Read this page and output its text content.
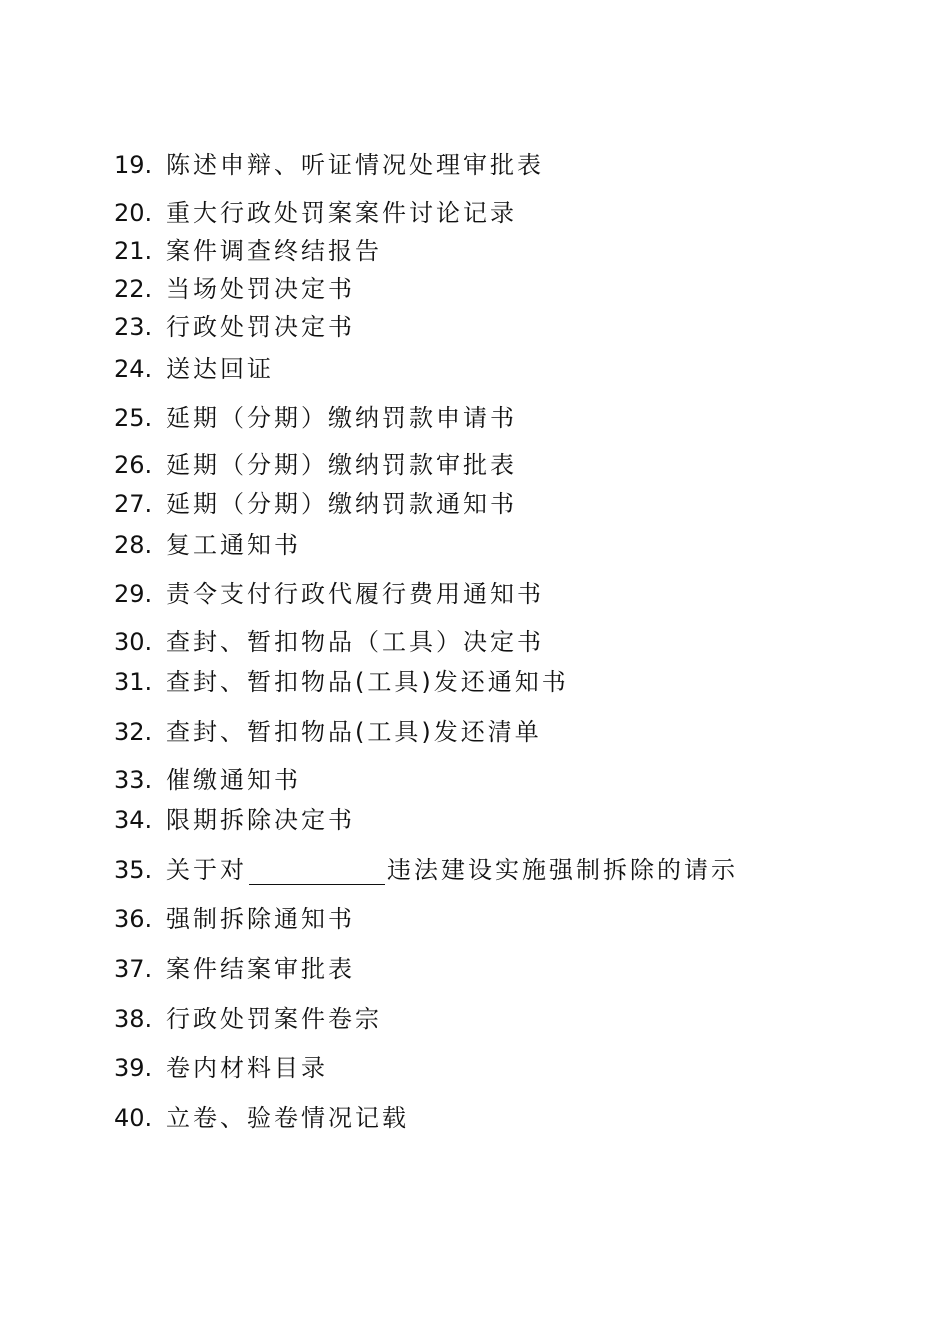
19. 陈述申辩、听证情况处理审批表
20. 重大行政处罚案案件讨论记录
21. 案件调查终结报告
22. 当场处罚决定书
23. 行政处罚决定书
24. 送达回证
25. 延期（分期）缴纳罚款申请书
26. 延期（分期）缴纳罚款审批表
27. 延期（分期）缴纳罚款通知书
28. 复工通知书
29. 责令支付行政代履行费用通知书
30. 查封、暂扣物品（工具）决定书
31. 查封、暂扣物品(工具)发还通知书
32. 查封、暂扣物品(工具)发还清单
33. 催缴通知书
34. 限期拆除决定书
35. 关于对	违法建设实施强制拆除的请示
36. 强制拆除通知书
37. 案件结案审批表
38. 行政处罚案件卷宗
39. 卷内材料目录
40. 立卷、验卷情况记载
